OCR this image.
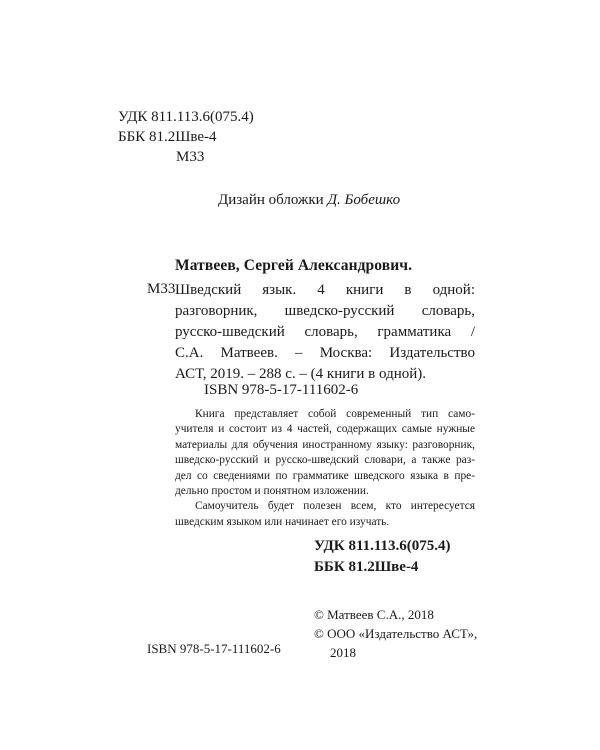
УДК 811.113.6(075.4)
ББК 81.2Шве-4
М33
Дизайн обложки Д. Бобешко
Матвеев, Сергей Александрович.
М33 Шведский язык. 4 книги в одной:
разговорник, шведско-русский словарь,
русско-шведский словарь, грамматика /
С.А. Матвеев. – Москва: Издательство
АСТ, 2019. – 288 с. – (4 книги в одной).
ISBN 978-5-17-111602-6
Книга представляет собой современный тип само-
учителя и состоит из 4 частей, содержащих самые нужные
материалы для обучения иностранному языку: разговорник,
шведско-русский и русско-шведский словари, а также раз-
дел со сведениями по грамматике шведского языка в пре-
дельно простом и понятном изложении.
Самоучитель будет полезен всем, кто интересуется
шведским языком или начинает его изучать.
УДК 811.113.6(075.4)
ББК 81.2Шве-4
© Матвеев С.А., 2018
© ООО «Издательство АСТ»,
2018
ISBN 978-5-17-111602-6
